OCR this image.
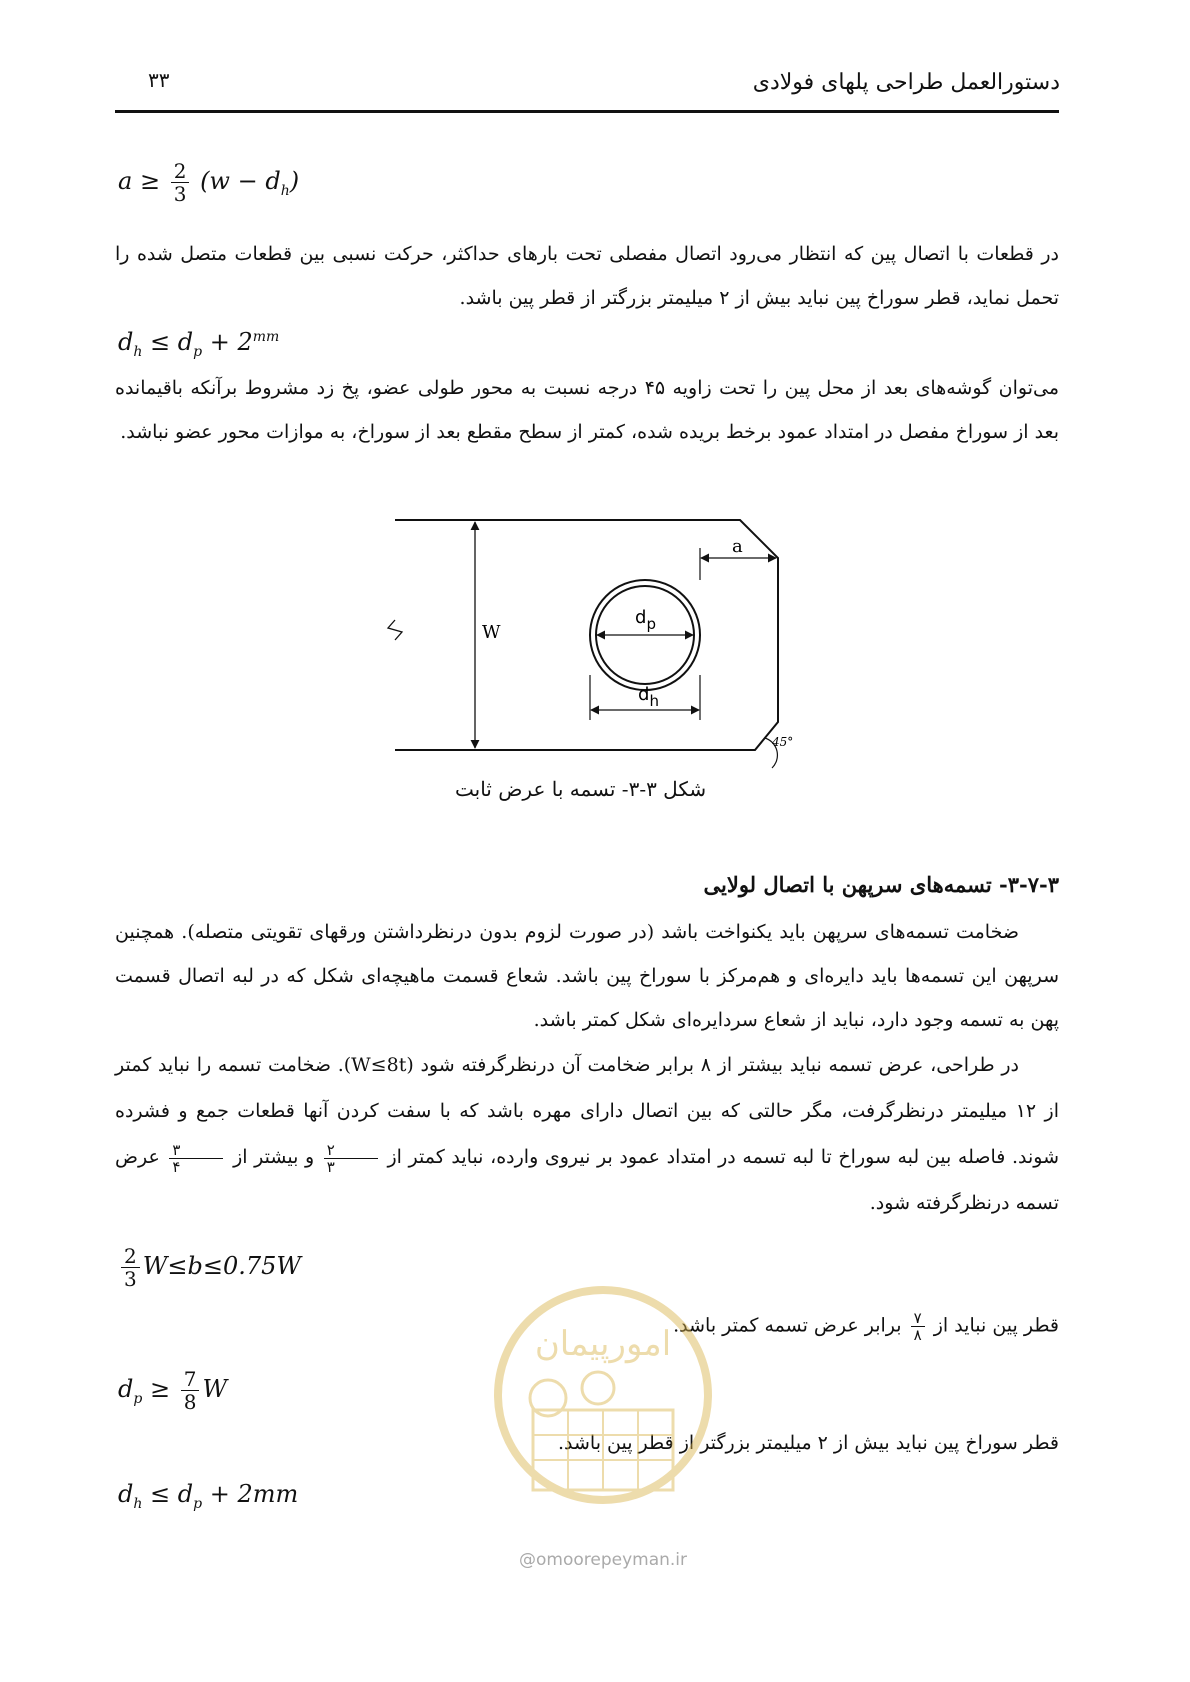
۳۳	دستورالعمل طراحی پلهای فولادی
$a \ge \frac{2}{3} (w - d_h)$
در قطعات با اتصال پین که انتظار می‌رود اتصال مفصلی تحت بارهای حداکثر، حرکت نسبی بین قطعات متصل شده را تحمل نماید، قطر سوراخ پین نباید بیش از ۲ میلیمتر بزرگتر از قطر پین باشد.
$d_h \le d_p + 2^{mm}$
می‌توان گوشه‌های بعد از محل پین را تحت زاویه ۴۵ درجه نسبت به محور طولی عضو، پخ زد مشروط برآنکه باقیمانده بعد از سوراخ مفصل در امتداد عمود برخط بریده شده، کمتر از سطح مقطع بعد از سوراخ، به موازات محور عضو نباشد.
W
$d_p$
$d_h$
a
45°
شکل ۳-۳- تسمه با عرض ثابت
۳-۷-۳- تسمه‌های سرپهن با اتصال لولایی
ضخامت تسمه‌های سرپهن باید یکنواخت باشد (در صورت لزوم بدون درنظرداشتن ورقهای تقویتی متصله). همچنین سرپهن این تسمه‌ها باید دایره‌ای و هم‌مرکز با سوراخ پین باشد. شعاع قسمت ماهیچه‌ای شکل که در لبه اتصال قسمت پهن به تسمه وجود دارد، نباید از شعاع سردایره‌ای شکل کمتر باشد.
در طراحی، عرض تسمه نباید بیشتر از ۸ برابر ضخامت آن درنظرگرفته شود (W≤8t). ضخامت تسمه را نباید کمتر از ۱۲ میلیمتر درنظرگرفت، مگر حالتی که بین اتصال دارای مهره باشد که با سفت کردن آنها قطعات جمع و فشرده شوند. فاصله بین لبه سوراخ تا لبه تسمه در امتداد عمود بر نیروی وارده، نباید کمتر از
$\frac{۲}{۳}$
و بیشتر از
$\frac{۳}{۴}$
عرض تسمه درنظرگرفته شود.
$\frac{2}{3} W\le b\le 0.75W$
قطر پین نباید از
$\frac{۷}{۸}$
برابر عرض تسمه کمتر باشد.
$d_p \ge \frac{7}{8}$ W
قطر سوراخ پین نباید بیش از ۲ میلیمتر بزرگتر از قطر پین باشد.
$d_h \le d_p + 2mm$
امورپیمان
@omoorepeyman.ir
